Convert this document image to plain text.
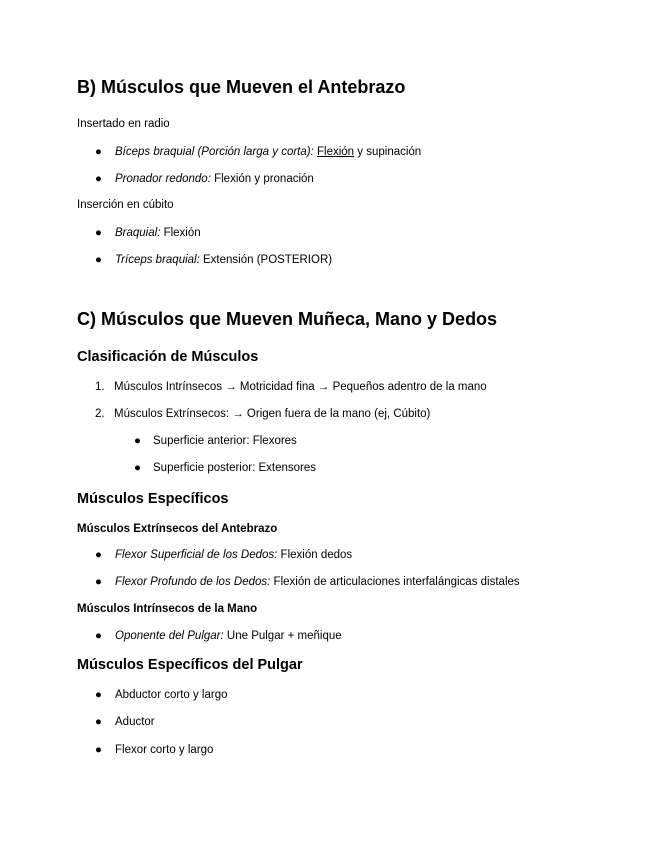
B) Músculos que Mueven el Antebrazo
Insertado en radio
● Bíceps braquial (Porción larga y corta): Flexión y supinación
● Pronador redondo: Flexión y pronación
Inserción en cúbito
● Braquial: Flexión
● Tríceps braquial: Extensión (POSTERIOR)
C) Músculos que Mueven Muñeca, Mano y Dedos
Clasificación de Músculos
1. Músculos Intrínsecos → Motricidad fina → Pequeños adentro de la mano
2. Músculos Extrínsecos: → Origen fuera de la mano (ej, Cúbito)
● Superficie anterior: Flexores
● Superficie posterior: Extensores
Músculos Específicos
Músculos Extrínsecos del Antebrazo
● Flexor Superficial de los Dedos: Flexión dedos
● Flexor Profundo de los Dedos: Flexión de articulaciones interfalángicas distales
Músculos Intrínsecos de la Mano
● Oponente del Pulgar: Une Pulgar + meñique
Músculos Específicos del Pulgar
● Abductor corto y largo
● Aductor
● Flexor corto y largo
